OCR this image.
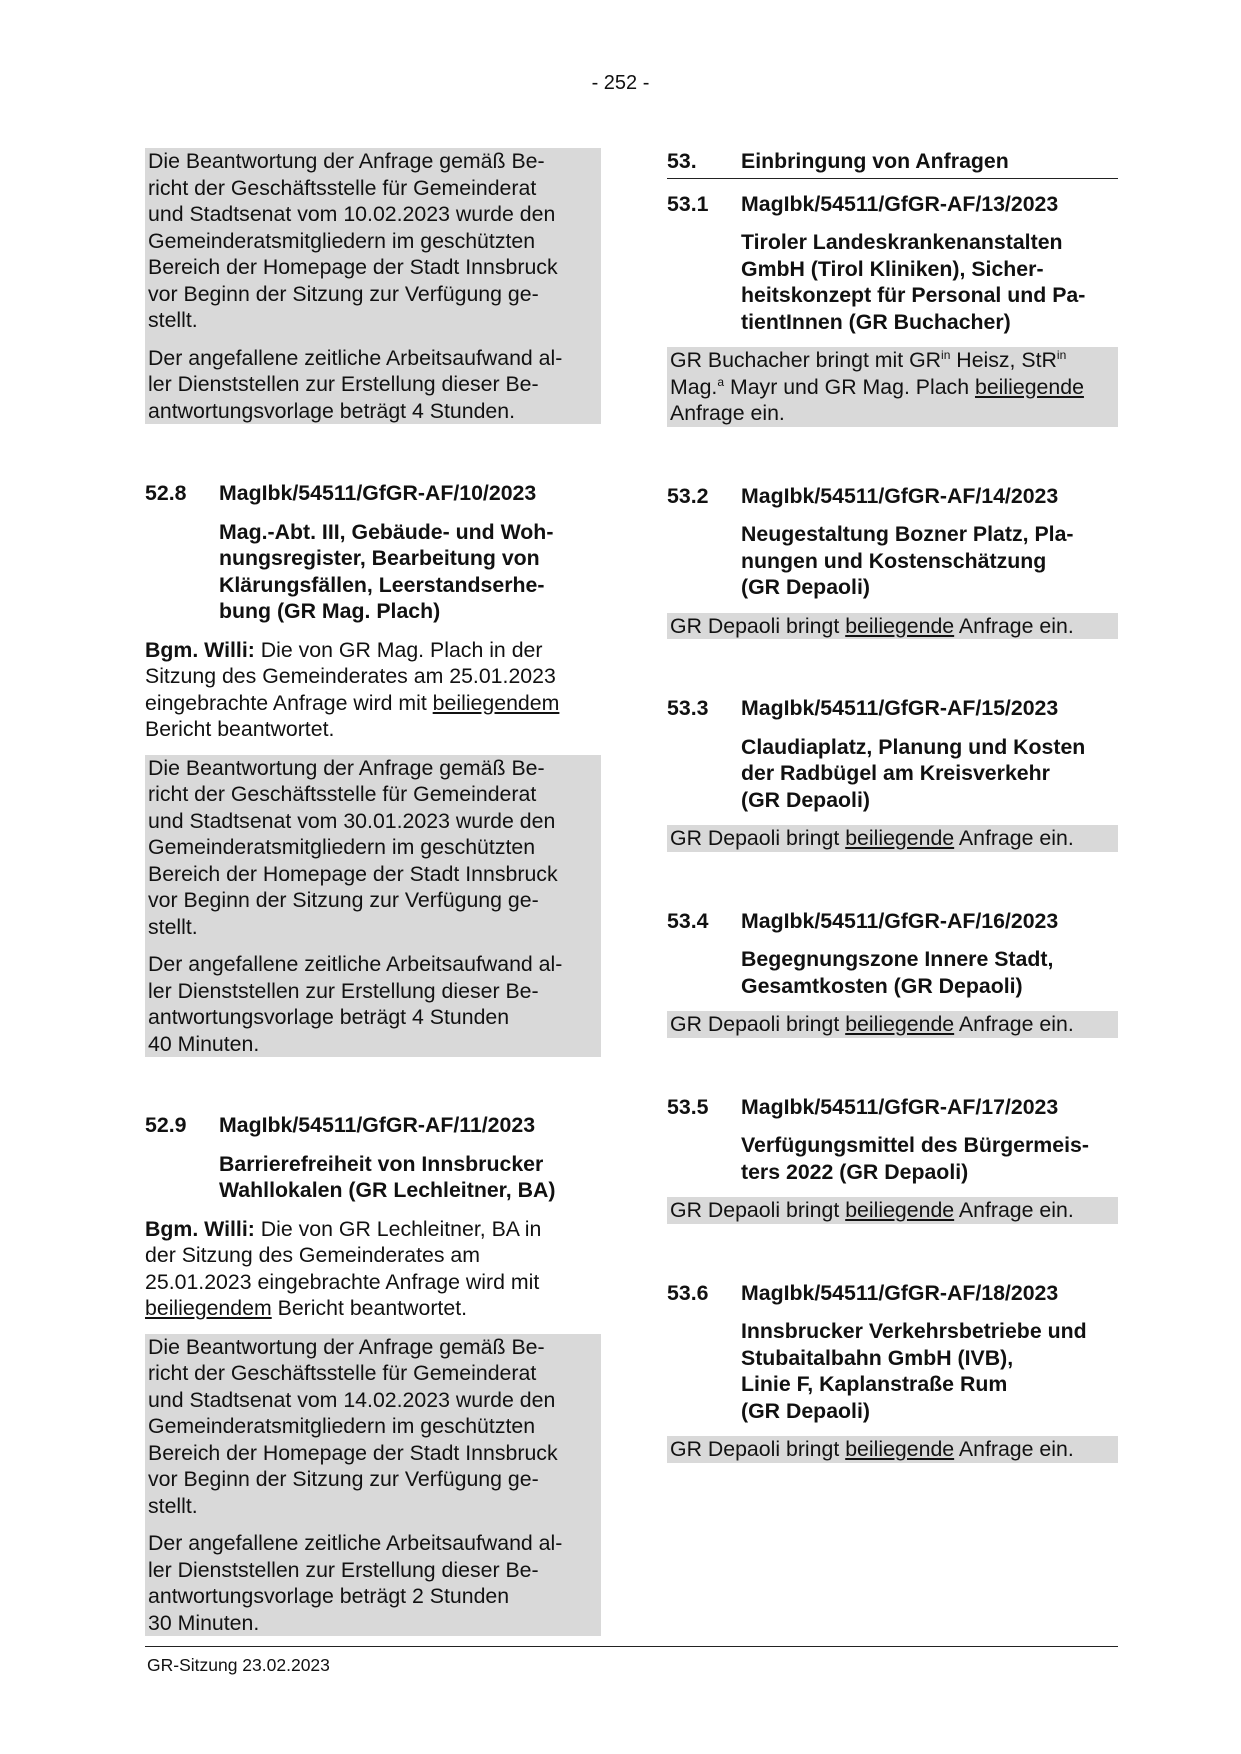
- 252 -

Die Beantwortung der Anfrage gemäß Be-
richt der Geschäftsstelle für Gemeinderat
und Stadtsenat vom 10.02.2023 wurde den
Gemeinderatsmitgliedern im geschützten
Bereich der Homepage der Stadt Innsbruck
vor Beginn der Sitzung zur Verfügung ge-
stellt.

Der angefallene zeitliche Arbeitsaufwand al-
ler Dienststellen zur Erstellung dieser Be-
antwortungsvorlage beträgt 4 Stunden.

52.8	MagIbk/54511/GfGR-AF/10/2023
Mag.-Abt. III, Gebäude- und Woh-
nungsregister, Bearbeitung von
Klärungsfällen, Leerstandserhe-
bung (GR Mag. Plach)
Bgm. Willi: Die von GR Mag. Plach in der
Sitzung des Gemeinderates am 25.01.2023
eingebrachte Anfrage wird mit beiliegendem
Bericht beantwortet.

Die Beantwortung der Anfrage gemäß Be-
richt der Geschäftsstelle für Gemeinderat
und Stadtsenat vom 30.01.2023 wurde den
Gemeinderatsmitgliedern im geschützten
Bereich der Homepage der Stadt Innsbruck
vor Beginn der Sitzung zur Verfügung ge-
stellt.

Der angefallene zeitliche Arbeitsaufwand al-
ler Dienststellen zur Erstellung dieser Be-
antwortungsvorlage beträgt 4 Stunden
40 Minuten.

52.9	MagIbk/54511/GfGR-AF/11/2023
Barrierefreiheit von Innsbrucker
Wahllokalen (GR Lechleitner, BA)
Bgm. Willi: Die von GR Lechleitner, BA in
der Sitzung des Gemeinderates am
25.01.2023 eingebrachte Anfrage wird mit
beiliegendem Bericht beantwortet.

Die Beantwortung der Anfrage gemäß Be-
richt der Geschäftsstelle für Gemeinderat
und Stadtsenat vom 14.02.2023 wurde den
Gemeinderatsmitgliedern im geschützten
Bereich der Homepage der Stadt Innsbruck
vor Beginn der Sitzung zur Verfügung ge-
stellt.

Der angefallene zeitliche Arbeitsaufwand al-
ler Dienststellen zur Erstellung dieser Be-
antwortungsvorlage beträgt 2 Stunden
30 Minuten.

53.	Einbringung von Anfragen
53.1	MagIbk/54511/GfGR-AF/13/2023
Tiroler Landeskrankenanstalten
GmbH (Tirol Kliniken), Sicher-
heitskonzept für Personal und Pa-
tientInnen (GR Buchacher)
GR Buchacher bringt mit $GR^{in}$ Heisz, StR$^{in}$
Mag.$^a$ Mayr und GR Mag. Plach beiliegende
Anfrage ein.
53.2	MagIbk/54511/GfGR-AF/14/2023
Neugestaltung Bozner Platz, Pla-
nungen und Kostenschätzung
(GR Depaoli)
GR Depaoli bringt beiliegende Anfrage ein.
53.3	MagIbk/54511/GfGR-AF/15/2023
Claudiaplatz, Planung und Kosten
der Radbügel am Kreisverkehr
(GR Depaoli)
GR Depaoli bringt beiliegende Anfrage ein.
53.4	MagIbk/54511/GfGR-AF/16/2023
Begegnungszone Innere Stadt,
Gesamtkosten (GR Depaoli)
GR Depaoli bringt beiliegende Anfrage ein.
53.5	MagIbk/54511/GfGR-AF/17/2023
Verfügungsmittel des Bürgermeis-
ters 2022 (GR Depaoli)
GR Depaoli bringt beiliegende Anfrage ein.
53.6	MagIbk/54511/GfGR-AF/18/2023
Innsbrucker Verkehrsbetriebe und
Stubaitalbahn GmbH (IVB),
Linie F, Kaplanstraße Rum
(GR Depaoli)
GR Depaoli bringt beiliegende Anfrage ein.
GR-Sitzung 23.02.2023
